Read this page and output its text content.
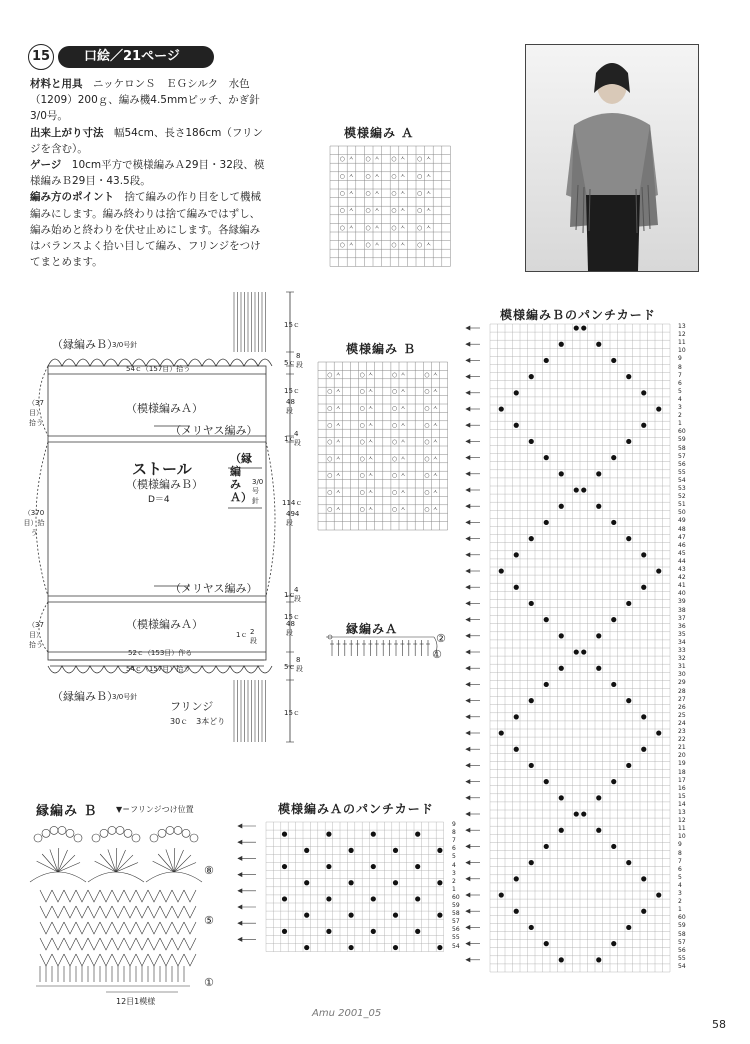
15	口絵／21ページ
材料と用具　 ニッケロンＳ　ＥＧシルク　水色（1209）200ｇ、編み機4.5mmピッチ、かぎ針3/0号。
出来上がり寸法　 幅54cm、長さ186cm（フリンジを含む）。
ゲージ　 10cm平方で模様編みＡ29目・32段、模様編みＢ29目・43.5段。
編み方のポイント　 捨て編みの作り目をして機械編みにします。編み終わりは捨て編みではずし、編み始めと終わりを伏せ止めにします。各縁編みはバランスよく拾い目して編み、フリンジをつけてまとめます。
模様編み Ａ
模様編み Ｂ
模様編みＢのパンチカード
模様編みＡのパンチカード
縁編みＡ
縁編み Ｂ ▼＝フリンジつけ位置
（縁編みＢ）
3/0号針
54ｃ（157目）拾う
（37目）拾う
（模様編みＡ）
（メリヤス編み）
ストール
（模様編みＢ）
D＝4
（縁編みＡ）
3/0号針
（370目）拾う
（メリヤス編み）
（模様編みＡ）
（37目）拾う
1ｃ 2段
52ｃ（153目）作る
54ｃ（157目）拾う
（縁編みＢ）
3/0号針
フリンジ
30ｃ　3本どり
15ｃ
5ｃ
8段
15ｃ
48段
1ｃ
4段
114ｃ
494段
1ｃ
4段
15ｃ
48段
5ｃ
8段
15ｃ
⑧
⑤
①
12目1模様
②
①
13
12
11
10
9
8
7
6
5
4
3
2
1
60
59
58
57
56
55
54
53
52
51
50
49
48
47
46
45
44
43
42
41
40
39
38
37
36
35
34
33
32
31
30
29
28
27
26
25
24
23
22
21
20
19
18
17
16
15
14
13
12
11
10
9
8
7
6
5
4
3
2
1
60
59
58
57
56
55
54
9
8
7
6
5
4
3
2
1
60
59
58
57
56
55
54
○ ㅅ ○ ㅅ ○ ㅅ ○ ㅅ
○ ㅅ ○ ㅅ ○ ㅅ ○ ㅅ
○ ㅅ ○ ㅅ ○ ㅅ ○ ㅅ
○ ㅅ ○ ㅅ ○ ㅅ ○ ㅅ
○ ㅅ ○ ㅅ ○ ㅅ ○ ㅅ
○ ㅅ ○ ㅅ ○ ㅅ ○ ㅅ
○ ㅅ	○ ㅅ	○ ㅅ	○ ㅅ
○ ㅅ	○ ㅅ	○ ㅅ	○ ㅅ
○ ㅅ	○ ㅅ	○ ㅅ	○ ㅅ
○ ㅅ	○ ㅅ	○ ㅅ	○ ㅅ
○ ㅅ	○ ㅅ	○ ㅅ	○ ㅅ
○ ㅅ	○ ㅅ	○ ㅅ	○ ㅅ
○ ㅅ	○ ㅅ	○ ㅅ	○ ㅅ
○ ㅅ	○ ㅅ	○ ㅅ	○ ㅅ
○ ㅅ	○ ㅅ	○ ㅅ	○ ㅅ
Amu 2001_05
58
